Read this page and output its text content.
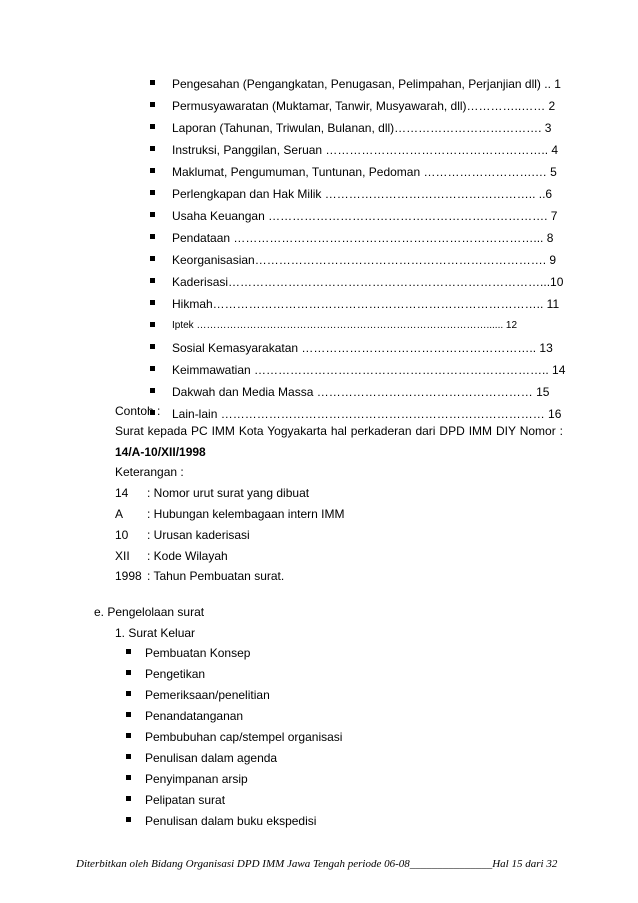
Pengesahan (Pengangkatan, Penugasan, Pelimpahan, Perjanjian dll) .. 1
Permusyawaratan (Muktamar, Tanwir, Musyawarah, dll)…………..…… 2
Laporan (Tahunan, Triwulan, Bulanan, dll)………………………………. 3
Instruksi, Panggilan, Seruan ……………………………………………….. 4
Maklumat, Pengumuman, Tuntunan, Pedoman ……………………….… 5
Perlengkapan dan Hak Milik …………………………………………….. ..6
Usaha Keuangan ……………………………………………………………. 7
Pendataan …………………………………………………………………... 8
Keorganisasian………………………………………………………………. 9
Kaderisasi……………………………………………………………………...10
Hikmah……………………………………………………………………….. 11
Iptek ……………………………………………………………………………...... 12
Sosial Kemasyarakatan ………………………………………………….. 13
Keimmawatian ……………………………………………………………….. 14
Dakwah dan Media Massa ……………………………………………… 15
Lain-lain ……………………………………………………………………… 16
Contoh :
Surat kepada PC IMM Kota Yogyakarta hal perkaderan dari DPD IMM DIY Nomor :
14/A-10/XII/1998
Keterangan :
14 : Nomor urut surat yang dibuat
A : Hubungan kelembagaan intern IMM
10 : Urusan kaderisasi
XII : Kode Wilayah
1998 : Tahun Pembuatan surat.
e. Pengelolaan surat
1. Surat Keluar
Pembuatan Konsep
Pengetikan
Pemeriksaan/penelitian
Penandatanganan
Pembubuhan cap/stempel organisasi
Penulisan dalam agenda
Penyimpanan arsip
Pelipatan surat
Penulisan dalam buku ekspedisi
Diterbitkan oleh Bidang Organisasi DPD IMM Jawa Tengah periode 06-08_______________Hal 15 dari 32
